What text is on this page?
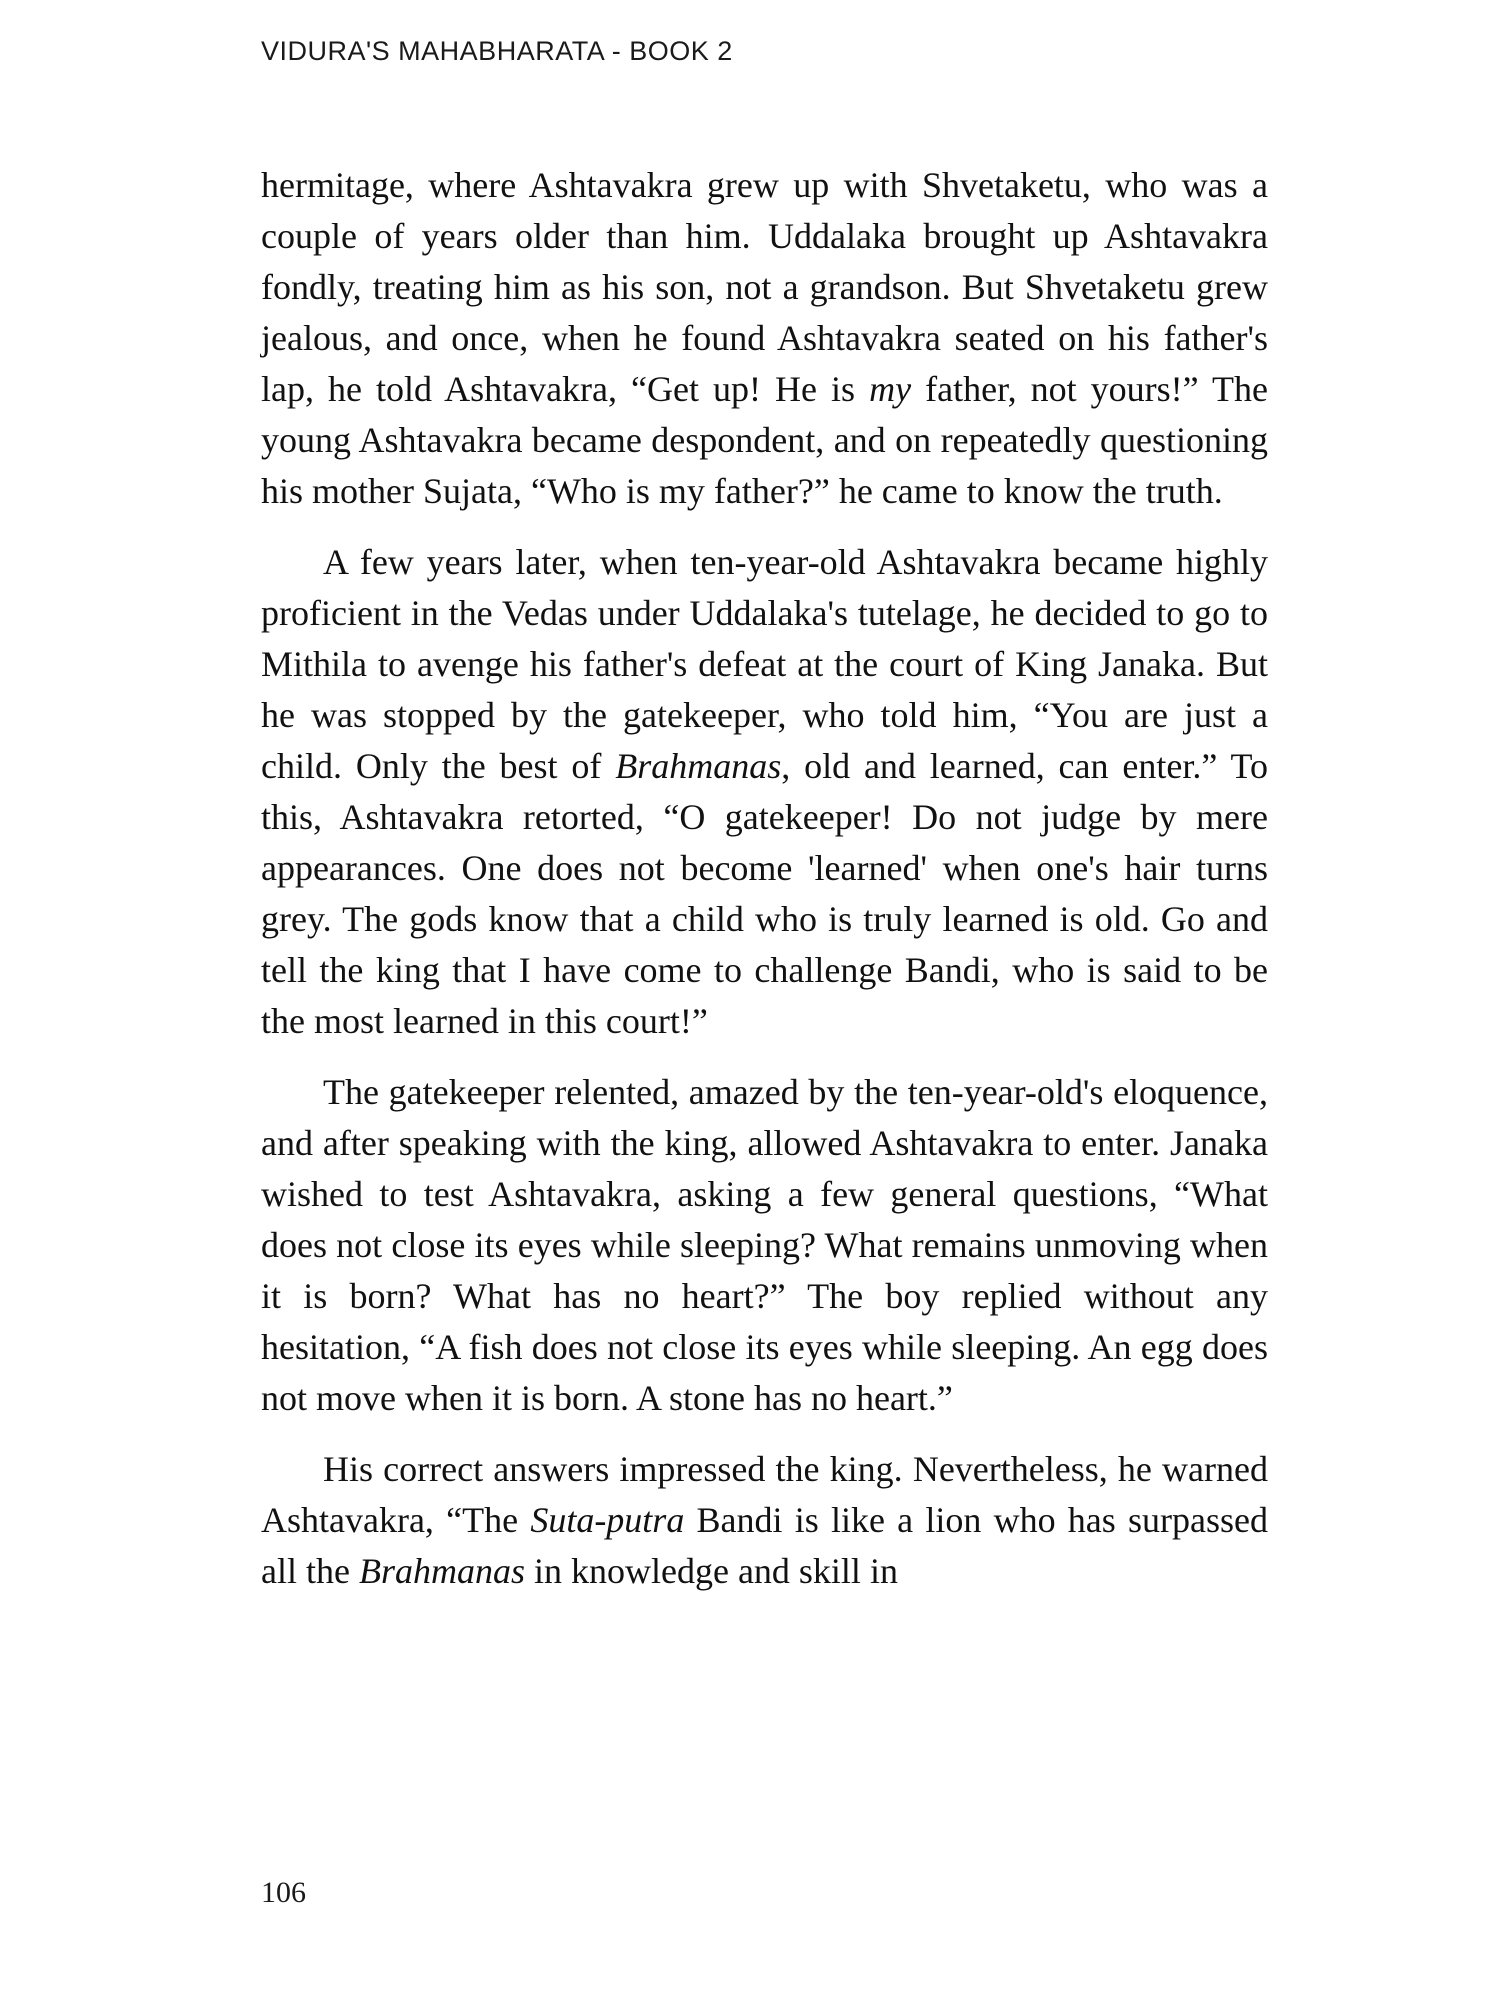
VIDURA'S MAHABHARATA - BOOK 2

hermitage, where Ashtavakra grew up with Shvetaketu, who was a couple of years older than him. Uddalaka brought up Ashtavakra fondly, treating him as his son, not a grandson. But Shvetaketu grew jealous, and once, when he found Ashtavakra seated on his father's lap, he told Ashtavakra, “Get up! He is my father, not yours!” The young Ashtavakra became despondent, and on repeatedly questioning his mother Sujata, “Who is my father?” he came to know the truth.

A few years later, when ten-year-old Ashtavakra became highly proficient in the Vedas under Uddalaka's tutelage, he decided to go to Mithila to avenge his father's defeat at the court of King Janaka. But he was stopped by the gatekeeper, who told him, “You are just a child. Only the best of Brahmanas, old and learned, can enter.” To this, Ashtavakra retorted, “O gatekeeper! Do not judge by mere appearances. One does not become 'learned' when one's hair turns grey. The gods know that a child who is truly learned is old. Go and tell the king that I have come to challenge Bandi, who is said to be the most learned in this court!”

The gatekeeper relented, amazed by the ten-year-old's eloquence, and after speaking with the king, allowed Ashtavakra to enter. Janaka wished to test Ashtavakra, asking a few general questions, “What does not close its eyes while sleeping? What remains unmoving when it is born? What has no heart?” The boy replied without any hesitation, “A fish does not close its eyes while sleeping. An egg does not move when it is born. A stone has no heart.”

His correct answers impressed the king. Nevertheless, he warned Ashtavakra, “The Suta-putra Bandi is like a lion who has surpassed all the Brahmanas in knowledge and skill in

106
